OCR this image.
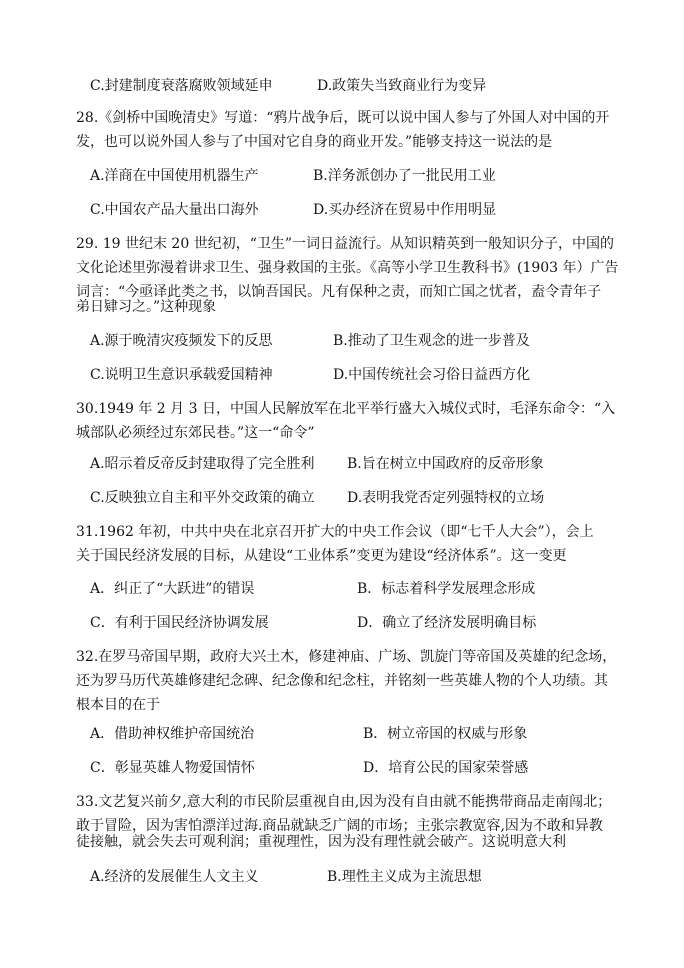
C.封建制度衰落腐败领域延申	D.政策失当致商业行为变异
28.《剑桥中国晚清史》写道：“鸦片战争后，既可以说中国人参与了外国人对中国的开
发，也可以说外国人参与了中国对它自身的商业开发。”能够支持这一说法的是
A.洋商在中国使用机器生产	B.洋务派创办了一批民用工业
C.中国农产品大量出口海外	D.买办经济在贸易中作用明显
29. 19 世纪末 20 世纪初，“卫生”一词日益流行。从知识精英到一般知识分子，中国的
文化论述里弥漫着讲求卫生、强身救国的主张。《高等小学卫生教科书》(1903 年）广告
词言：“今亟译此类之书，以饷吾国民。凡有保种之责，而知亡国之忧者，盍令青年子
弟日肄习之。”这种现象
A.源于晚清灾疫频发下的反思	B.推动了卫生观念的进一步普及
C.说明卫生意识承载爱国精神	D.中国传统社会习俗日益西方化
30.1949 年 2 月 3 日，中国人民解放军在北平举行盛大入城仪式时，毛泽东命令：“入
城部队必须经过东郊民巷。”这一“命令”
A.昭示着反帝反封建取得了完全胜利 B.旨在树立中国政府的反帝形象
C.反映独立自主和平外交政策的确立 D.表明我党否定列强特权的立场
31.1962 年初，中共中央在北京召开扩大的中央工作会议（即“七千人大会”），会上
关于国民经济发展的目标，从建设“工业体系”变更为建设“经济体系”。这一变更
A．纠正了“大跃进”的错误	B．标志着科学发展理念形成
C．有利于国民经济协调发展	D．确立了经济发展明确目标
32.在罗马帝国早期，政府大兴土木，修建神庙、广场、凯旋门等帝国及英雄的纪念场，
还为罗马历代英雄修建纪念碑、纪念像和纪念柱，并铭刻一些英雄人物的个人功绩。其
根本目的在于
A．借助神权维护帝国统治	B．树立帝国的权威与形象
C．彰显英雄人物爱国情怀	D．培育公民的国家荣誉感
33.文艺复兴前夕,意大利的市民阶层重视自由,因为没有自由就不能携带商品走南闯北；
敢于冒险，因为害怕漂洋过海.商品就缺乏广阔的市场；主张宗教宽容,因为不敢和异教
徒接触，就会失去可观利润；重视理性，因为没有理性就会破产。这说明意大利
A.经济的发展催生人文主义	B.理性主义成为主流思想
